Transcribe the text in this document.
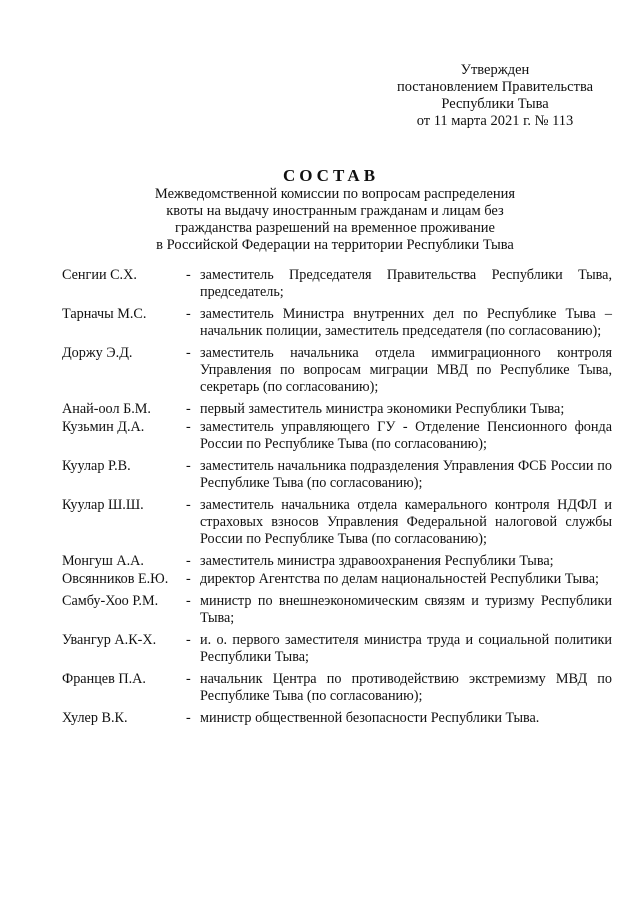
Утвержден
постановлением Правительства
Республики Тыва
от 11 марта 2021 г. № 113
СОСТАВ
Межведомственной комиссии по вопросам распределения
квоты на выдачу иностранным гражданам и лицам без
гражданства разрешений на временное проживание
в Российской Федерации на территории Республики Тыва
Сенгии С.Х.	- заместитель Председателя Правительства Республики Тыва, председатель;
Тарначы М.С.	- заместитель Министра внутренних дел по Республике Тыва – начальник полиции, заместитель председателя (по согласованию);
Доржу Э.Д.	- заместитель начальника отдела иммиграционного контроля Управления по вопросам миграции МВД по Республике Тыва, секретарь (по согласованию);
Анай-оол Б.М.	- первый заместитель министра экономики Республики Тыва;
Кузьмин Д.А.	- заместитель управляющего ГУ - Отделение Пенсионного фонда России по Республике Тыва (по согласованию);
Куулар Р.В.	- заместитель начальника подразделения Управления ФСБ России по Республике Тыва (по согласованию);
Куулар Ш.Ш.	- заместитель начальника отдела камерального контроля НДФЛ и страховых взносов Управления Федеральной налоговой службы России по Республике Тыва (по согласованию);
Монгуш А.А.	- заместитель министра здравоохранения Республики Тыва;
Овсянников Е.Ю.	- директор Агентства по делам национальностей Республики Тыва;
Самбу-Хоо Р.М.	- министр по внешнеэкономическим связям и туризму Республики Тыва;
Увангур А.К-Х.	- и. о. первого заместителя министра труда и социальной политики Республики Тыва;
Францев П.А.	- начальник Центра по противодействию экстремизму МВД по Республике Тыва (по согласованию);
Хулер В.К.	- министр общественной безопасности Республики Тыва.
